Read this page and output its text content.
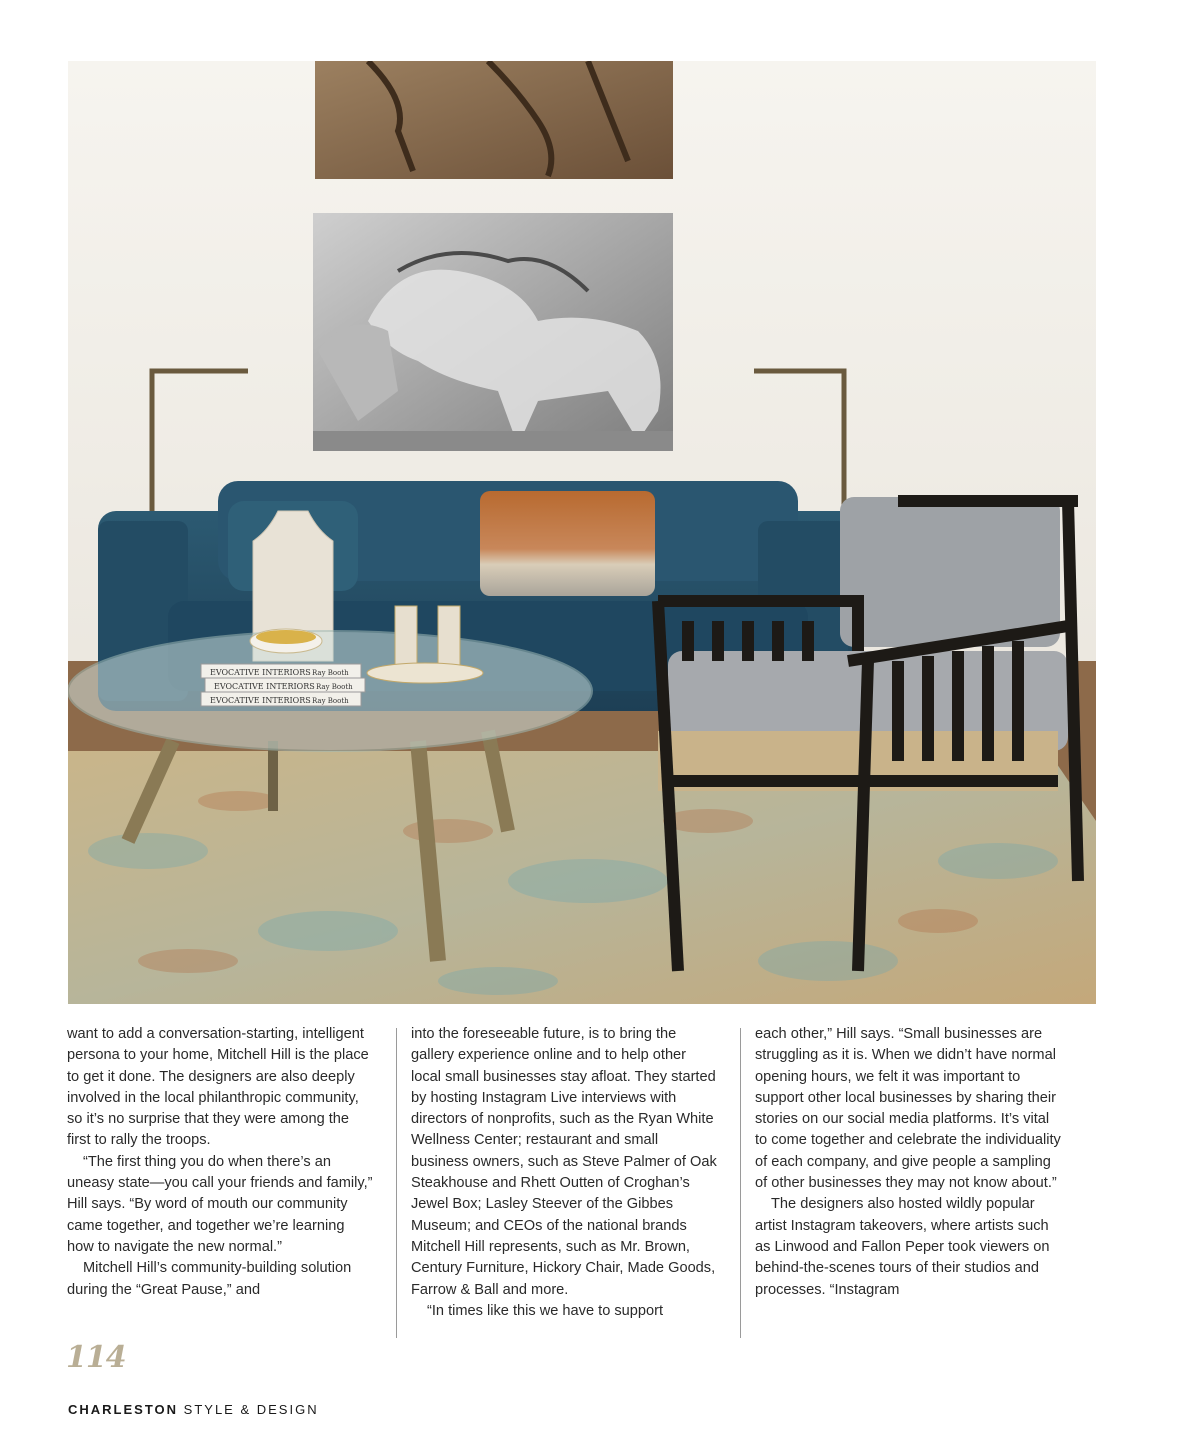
EVOCATIVE INTERIORS Ray Booth
EVOCATIVE INTERIORS Ray Booth
EVOCATIVE INTERIORS Ray Booth

want to add a conversation-starting, intelligent persona to your home, Mitchell Hill is the place to get it done. The designers are also deeply involved in the local philanthropic community, so it’s no surprise that they were among the first to rally the troops.

“The first thing you do when there’s an uneasy state—you call your friends and family,” Hill says. “By word of mouth our community came together, and together we’re learning how to navigate the new normal.”

Mitchell Hill’s community-building solution during the “Great Pause,” and

into the foreseeable future, is to bring the gallery experience online and to help other local small businesses stay afloat. They started by hosting Instagram Live interviews with directors of nonprofits, such as the Ryan White Wellness Center; restaurant and small business owners, such as Steve Palmer of Oak Steakhouse and Rhett Outten of Croghan’s Jewel Box; Lasley Steever of the Gibbes Museum; and CEOs of the national brands Mitchell Hill represents, such as Mr. Brown, Century Furniture, Hickory Chair, Made Goods, Farrow & Ball and more.

“In times like this we have to support

each other,” Hill says. “Small businesses are struggling as it is. When we didn’t have normal opening hours, we felt it was important to support other local businesses by sharing their stories on our social media platforms. It’s vital to come together and celebrate the individuality of each company, and give people a sampling of other businesses they may not know about.”

The designers also hosted wildly popular artist Instagram takeovers, where artists such as Linwood and Fallon Peper took viewers on behind-the-scenes tours of their studios and processes. “Instagram

114
CHARLESTON STYLE & DESIGN
